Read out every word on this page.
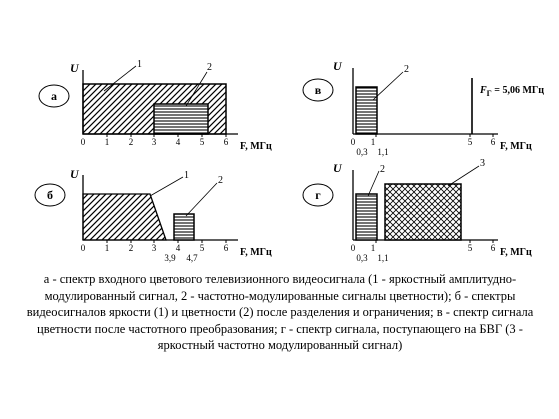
а
U	1	2
0 1 2 3 4 5 6 F, МГц
в
U	2
$F_Г = 5,06$ МГц
0 1	5 6
0,3 1,1	F, МГц
б
U	1	2
0 1 2 3 4 5 6
3,9 4,7	F, МГц
г
U	2
3
0 1	5 6
0,3 1,1	F, МГц
а - спектр входного цветового телевизионного видеосигнала (1 - яркостный амплитудно-модулированный сигнал, 2 - частотно-модулированные сигналы цветности); б - спектры видеосигналов яркости (1) и цветности (2) после разделения и ограничения; в - спектр сигнала цветности после частотного преобразования; г - спектр сигнала, поступающего на БВГ (3 - яркостный частотно модулированный сигнал)
